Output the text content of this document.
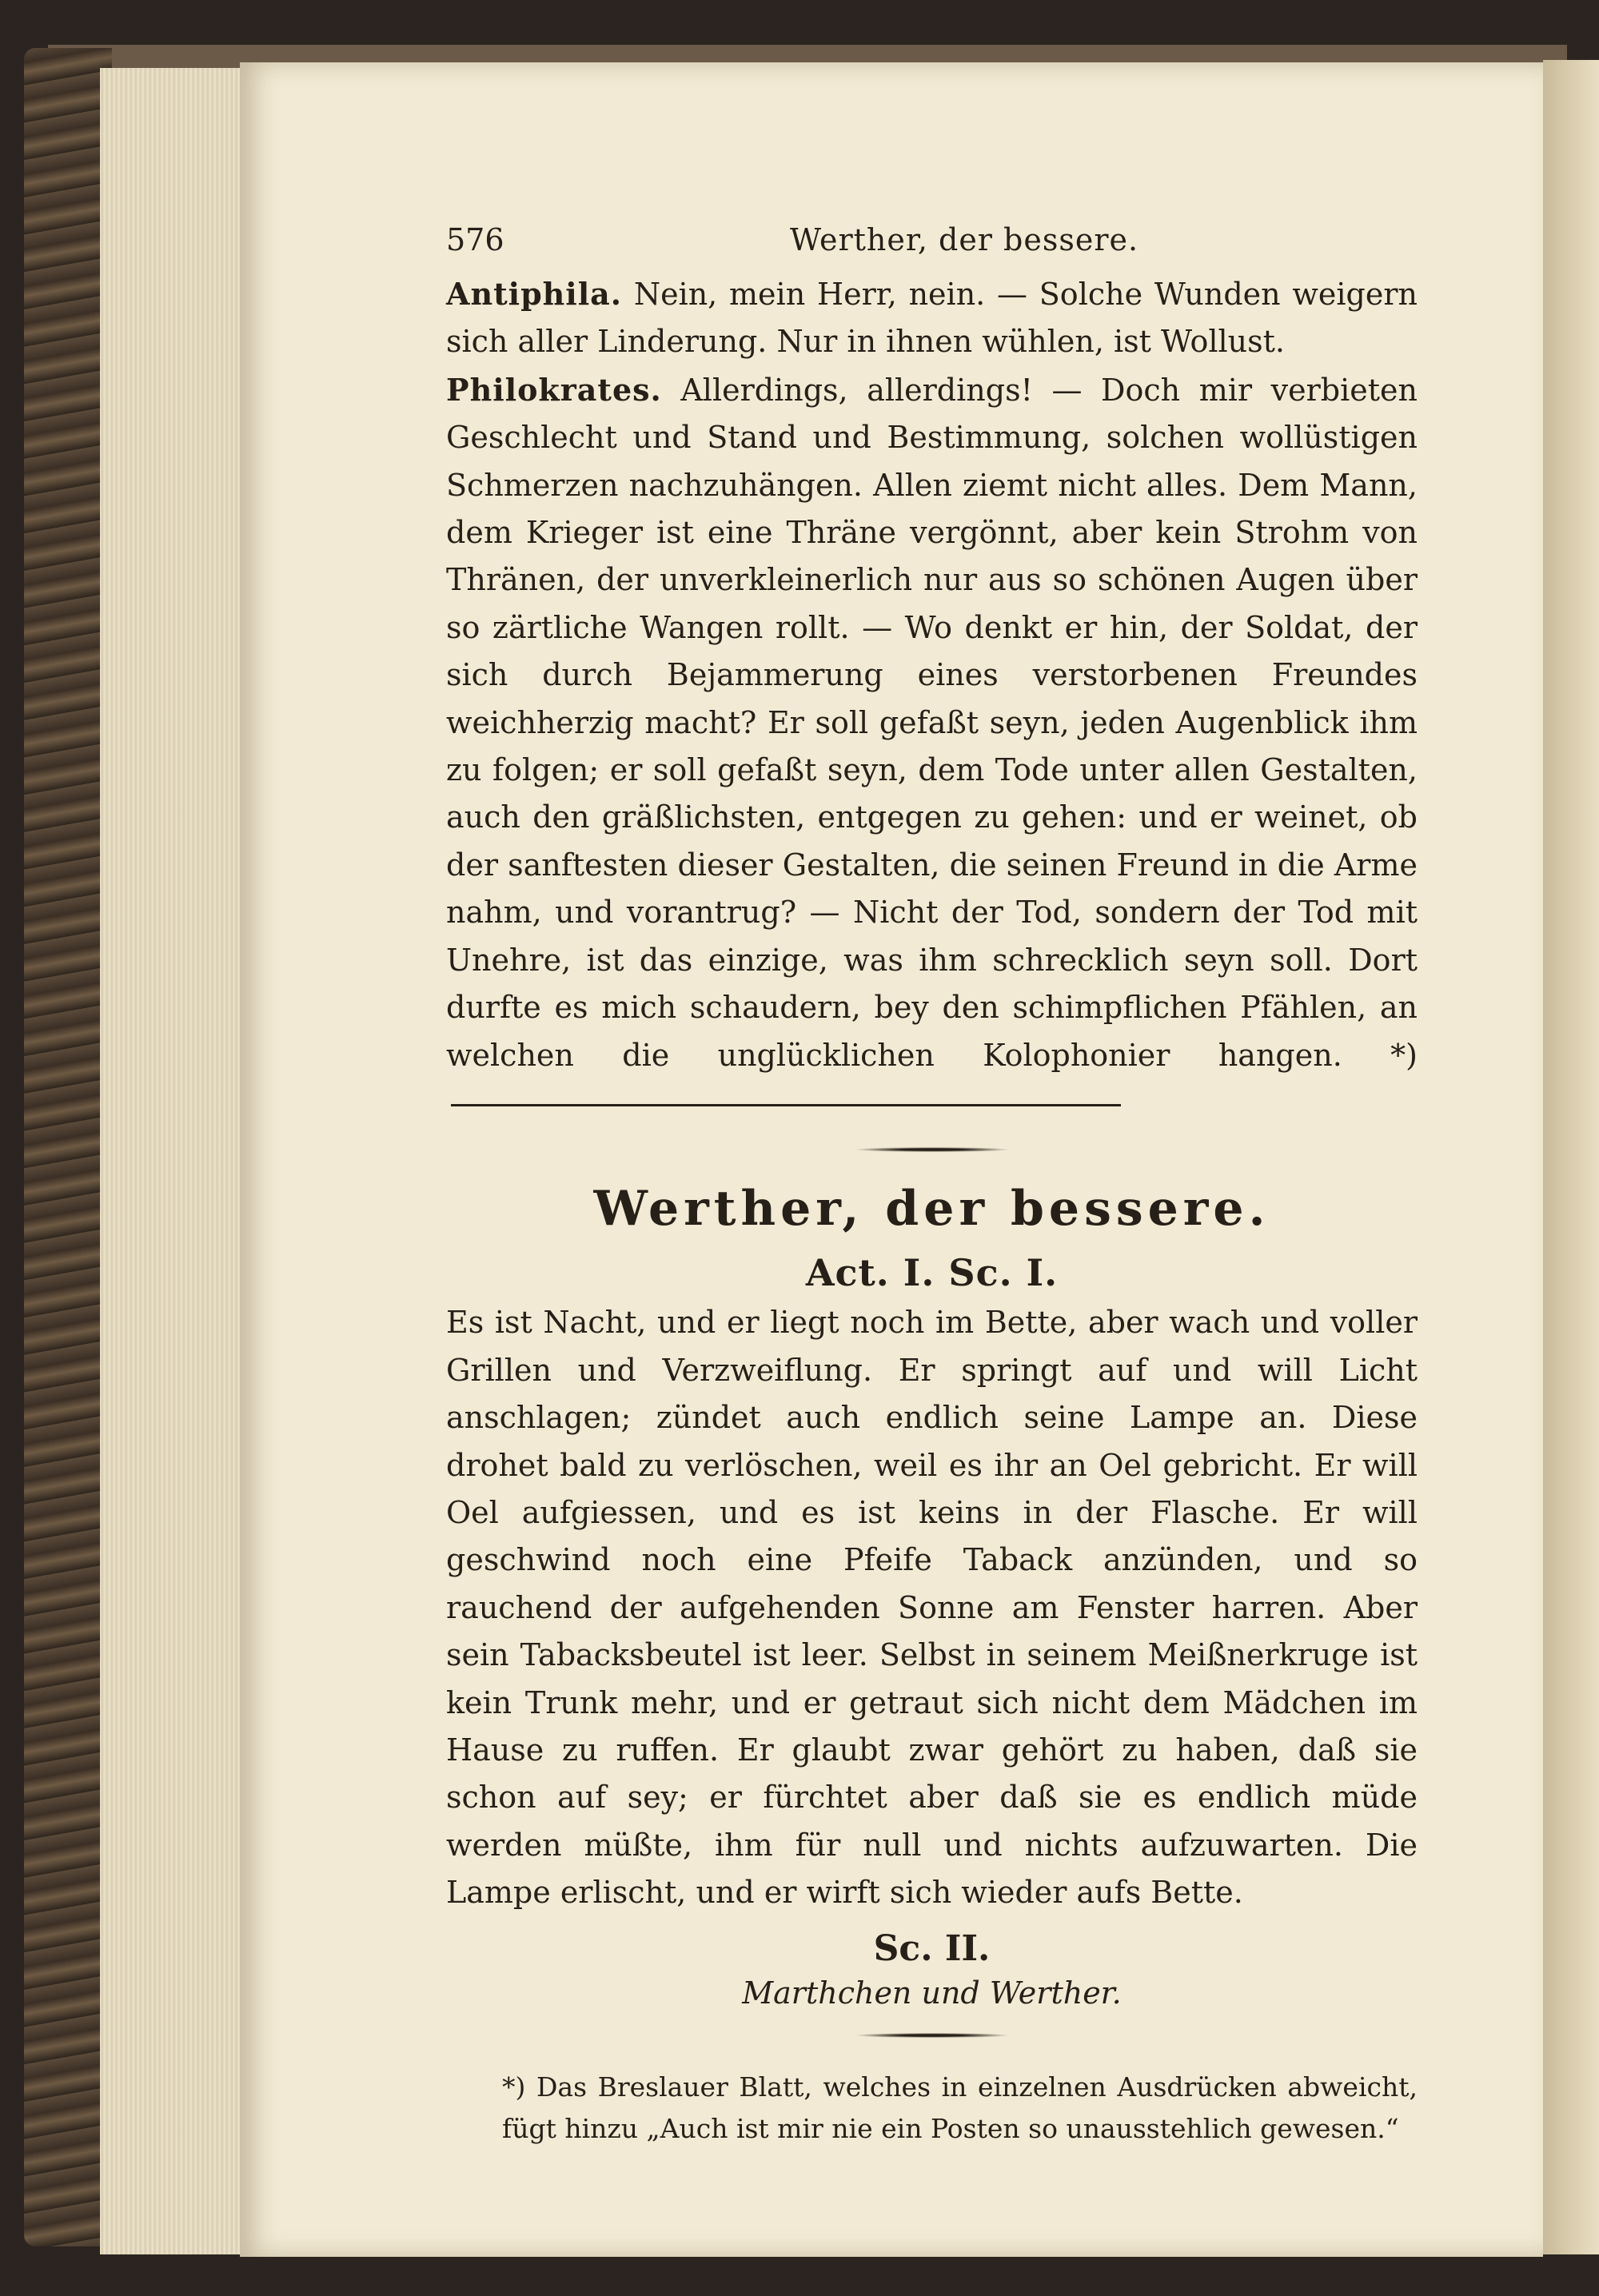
576	Werther, der bessere.

Antiphila. Nein, mein Herr, nein. — Solche Wunden weigern sich aller Linderung. Nur in ihnen wühlen, ist Wollust.

Philokrates. Allerdings, allerdings! — Doch mir verbieten Geschlecht und Stand und Bestimmung, solchen wollüstigen Schmerzen nachzuhängen. Allen ziemt nicht alles. Dem Mann, dem Krieger ist eine Thräne vergönnt, aber kein Strohm von Thränen, der unverkleinerlich nur aus so schönen Augen über so zärtliche Wangen rollt. — Wo denkt er hin, der Soldat, der sich durch Bejammerung eines verstorbenen Freundes weichherzig macht? Er soll gefaßt seyn, jeden Augenblick ihm zu folgen; er soll gefaßt seyn, dem Tode unter allen Gestalten, auch den gräßlichsten, entgegen zu gehen: und er weinet, ob der sanftesten dieser Gestalten, die seinen Freund in die Arme nahm, und vorantrug? — Nicht der Tod, sondern der Tod mit Unehre, ist das einzige, was ihm schrecklich seyn soll. Dort durfte es mich schaudern, bey den schimpflichen Pfählen, an welchen die unglücklichen Kolophonier hangen. *)

Werther, der bessere.
Act. I. Sc. I.

Es ist Nacht, und er liegt noch im Bette, aber wach und voller Grillen und Verzweiflung. Er springt auf und will Licht anschlagen; zündet auch endlich seine Lampe an. Diese drohet bald zu verlöschen, weil es ihr an Oel gebricht. Er will Oel aufgiessen, und es ist keins in der Flasche. Er will geschwind noch eine Pfeife Taback anzünden, und so rauchend der aufgehenden Sonne am Fenster harren. Aber sein Tabacksbeutel ist leer. Selbst in seinem Meißnerkruge ist kein Trunk mehr, und er getraut sich nicht dem Mädchen im Hause zu ruffen. Er glaubt zwar gehört zu haben, daß sie schon auf sey; er fürchtet aber daß sie es endlich müde werden müßte, ihm für null und nichts aufzuwarten. Die Lampe erlischt, und er wirft sich wieder aufs Bette.

Sc. II.

Marthchen und Werther.

*) Das Breslauer Blatt, welches in einzelnen Ausdrücken abweicht, fügt hinzu „Auch ist mir nie ein Posten so unausstehlich gewesen.“
